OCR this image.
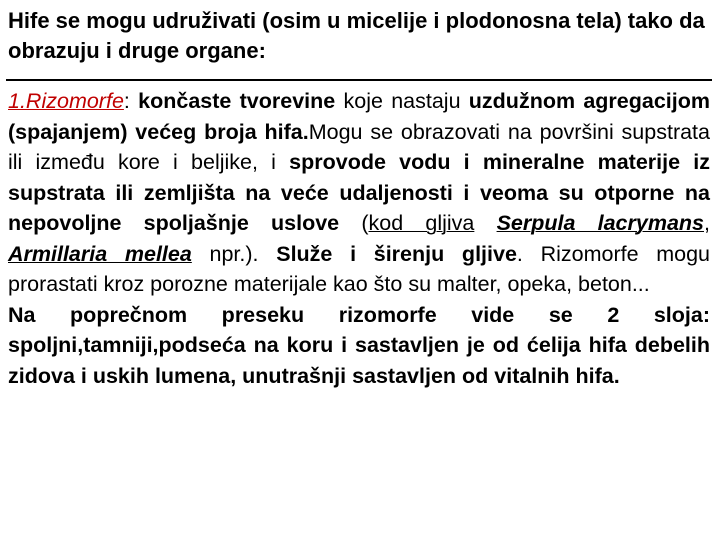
Hife se mogu udruživati (osim u micelije i plodonosna tela) tako da obrazuju i druge organe:

1.Rizomorfe: končaste tvorevine koje nastaju uzdužnom agregacijom (spajanjem) većeg broja hifa.Mogu se obrazovati na površini supstrata ili između kore i beljike, i sprovode vodu i mineralne materije iz supstrata ili zemljišta na veće udaljenosti i veoma su otporne na nepovoljne spoljašnje uslove (kod gljiva Serpula lacrymans, Armillaria mellea npr.). Služe i širenju gljive. Rizomorfe mogu prorastati kroz porozne materijale kao što su malter, opeka, beton...

Na poprečnom preseku rizomorfe vide se 2 sloja: spoljni,tamniji,podseća na koru i sastavljen je od ćelija hifa debelih zidova i uskih lumena, unutrašnji sastavljen od vitalnih hifa.
